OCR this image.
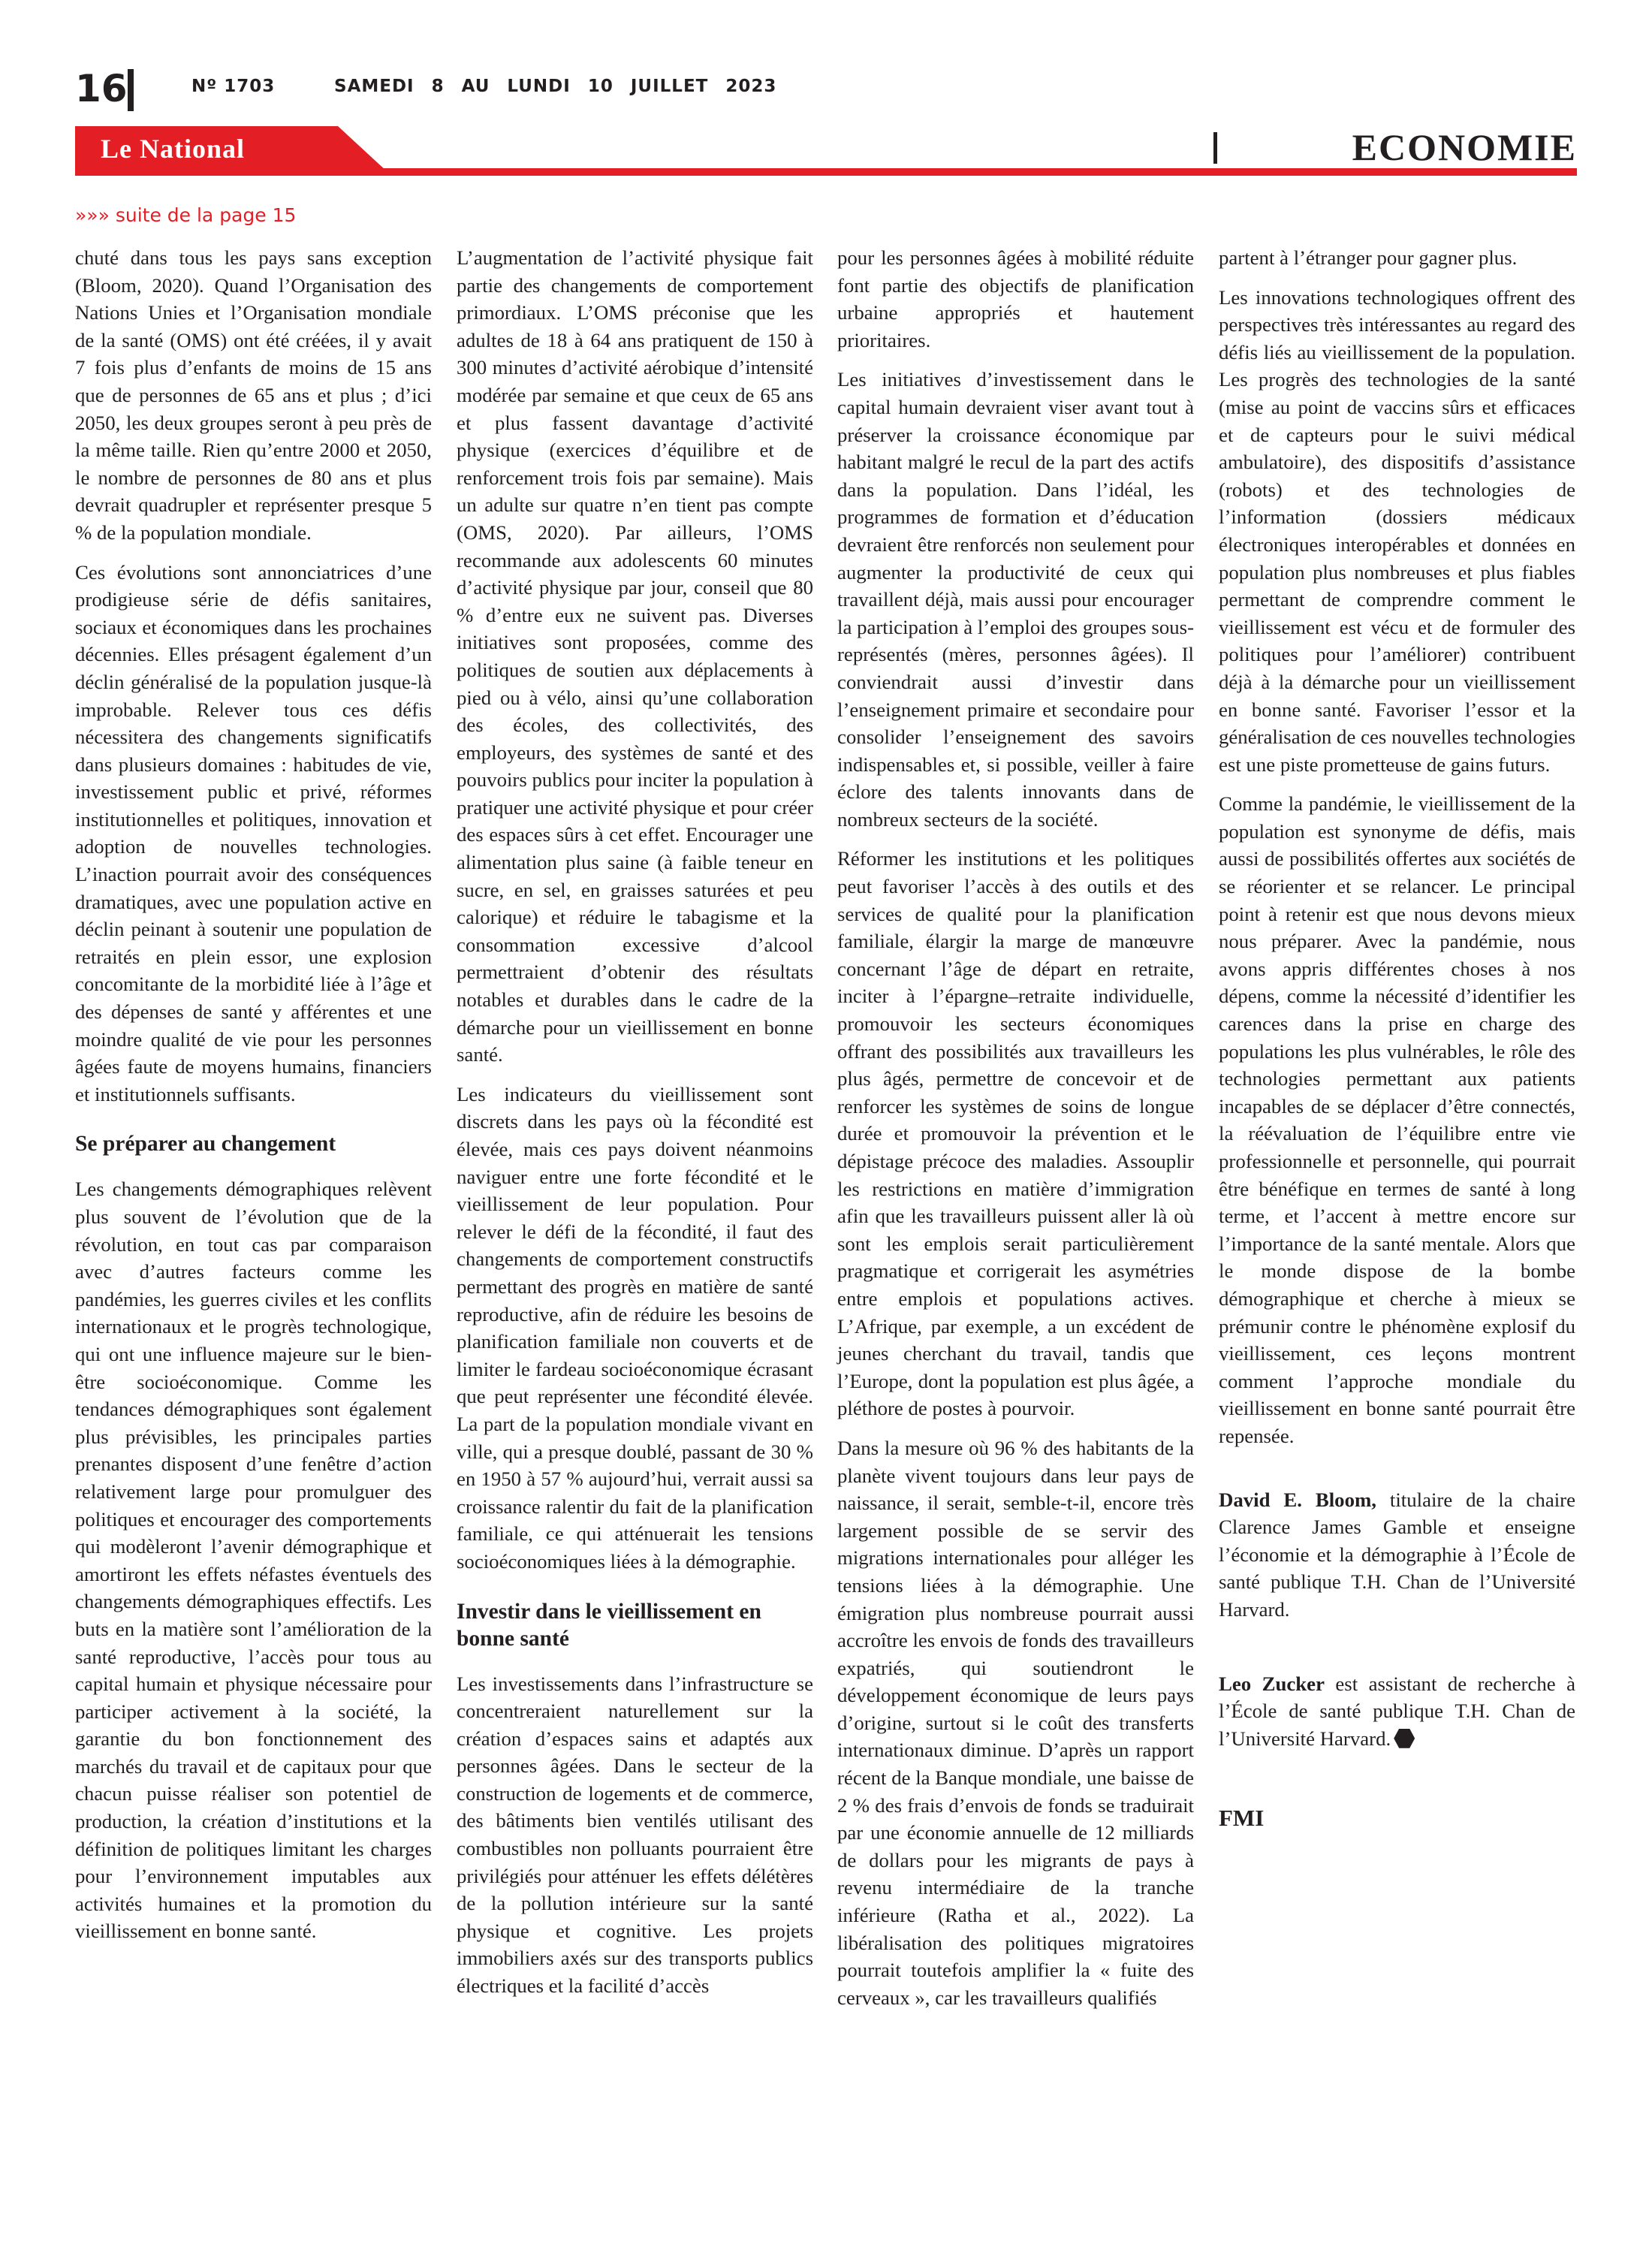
16	Nº 1703	SAMEDI 8 AU LUNDI 10 JUILLET 2023
Le National	ECONOMIE
»»» suite de la page 15

chuté dans tous les pays sans exception (Bloom, 2020). Quand l’Organisation des Nations Unies et l’Organisation mondiale de la santé (OMS) ont été créées, il y avait 7 fois plus d’enfants de moins de 15 ans que de personnes de 65 ans et plus ; d’ici 2050, les deux groupes seront à peu près de la même taille. Rien qu’entre 2000 et 2050, le nombre de personnes de 80 ans et plus devrait quadrupler et représenter presque 5 % de la population mondiale.

Ces évolutions sont annonciatrices d’une prodigieuse série de défis sanitaires, sociaux et économiques dans les prochaines décennies. Elles présagent également d’un déclin généralisé de la population jusque-là improbable. Relever tous ces défis nécessitera des changements significatifs dans plusieurs domaines : habitudes de vie, investissement public et privé, réformes institutionnelles et politiques, innovation et adoption de nouvelles technologies. L’inaction pourrait avoir des conséquences dramatiques, avec une population active en déclin peinant à soutenir une population de retraités en plein essor, une explosion concomitante de la morbidité liée à l’âge et des dépenses de santé y afférentes et une moindre qualité de vie pour les personnes âgées faute de moyens humains, financiers et institutionnels suffisants.

Se préparer au changement

Les changements démographiques relèvent plus souvent de l’évolution que de la révolution, en tout cas par comparaison avec d’autres facteurs comme les pandémies, les guerres civiles et les conflits internationaux et le progrès technologique, qui ont une influence majeure sur le bien-être socioéconomique. Comme les tendances démographiques sont également plus prévisibles, les principales parties prenantes disposent d’une fenêtre d’action relativement large pour promulguer des politiques et encourager des comportements qui modèleront l’avenir démographique et amortiront les effets néfastes éventuels des changements démographiques effectifs. Les buts en la matière sont l’amélioration de la santé reproductive, l’accès pour tous au capital humain et physique nécessaire pour participer activement à la société, la garantie du bon fonctionnement des marchés du travail et de capitaux pour que chacun puisse réaliser son potentiel de production, la création d’institutions et la définition de politiques limitant les charges pour l’environnement imputables aux activités humaines et la promotion du vieillissement en bonne santé.

L’augmentation de l’activité physique fait partie des changements de comportement primordiaux. L’OMS préconise que les adultes de 18 à 64 ans pratiquent de 150 à 300 minutes d’activité aérobique d’intensité modérée par semaine et que ceux de 65 ans et plus fassent davantage d’activité physique (exercices d’équilibre et de renforcement trois fois par semaine). Mais un adulte sur quatre n’en tient pas compte (OMS, 2020). Par ailleurs, l’OMS recommande aux adolescents 60 minutes d’activité physique par jour, conseil que 80 % d’entre eux ne suivent pas. Diverses initiatives sont proposées, comme des politiques de soutien aux déplacements à pied ou à vélo, ainsi qu’une collaboration des écoles, des collectivités, des employeurs, des systèmes de santé et des pouvoirs publics pour inciter la population à pratiquer une activité physique et pour créer des espaces sûrs à cet effet. Encourager une alimentation plus saine (à faible teneur en sucre, en sel, en graisses saturées et peu calorique) et réduire le tabagisme et la consommation excessive d’alcool permettraient d’obtenir des résultats notables et durables dans le cadre de la démarche pour un vieillissement en bonne santé.

Les indicateurs du vieillissement sont discrets dans les pays où la fécondité est élevée, mais ces pays doivent néanmoins naviguer entre une forte fécondité et le vieillissement de leur population. Pour relever le défi de la fécondité, il faut des changements de comportement constructifs permettant des progrès en matière de santé reproductive, afin de réduire les besoins de planification familiale non couverts et de limiter le fardeau socioéconomique écrasant que peut représenter une fécondité élevée. La part de la population mondiale vivant en ville, qui a presque doublé, passant de 30 % en 1950 à 57 % aujourd’hui, verrait aussi sa croissance ralentir du fait de la planification familiale, ce qui atténuerait les tensions socioéconomiques liées à la démographie.

Investir dans le vieillissement en bonne santé

Les investissements dans l’infrastructure se concentreraient naturellement sur la création d’espaces sains et adaptés aux personnes âgées. Dans le secteur de la construction de logements et de commerce, des bâtiments bien ventilés utilisant des combustibles non polluants pourraient être privilégiés pour atténuer les effets délétères de la pollution intérieure sur la santé physique et cognitive. Les projets immobiliers axés sur des transports publics électriques et la facilité d’accès

pour les personnes âgées à mobilité réduite font partie des objectifs de planification urbaine appropriés et hautement prioritaires.

Les initiatives d’investissement dans le capital humain devraient viser avant tout à préserver la croissance économique par habitant malgré le recul de la part des actifs dans la population. Dans l’idéal, les programmes de formation et d’éducation devraient être renforcés non seulement pour augmenter la productivité de ceux qui travaillent déjà, mais aussi pour encourager la participation à l’emploi des groupes sous-représentés (mères, personnes âgées). Il conviendrait aussi d’investir dans l’enseignement primaire et secondaire pour consolider l’enseignement des savoirs indispensables et, si possible, veiller à faire éclore des talents innovants dans de nombreux secteurs de la société.

Réformer les institutions et les politiques peut favoriser l’accès à des outils et des services de qualité pour la planification familiale, élargir la marge de manœuvre concernant l’âge de départ en retraite, inciter à l’épargne–retraite individuelle, promouvoir les secteurs économiques offrant des possibilités aux travailleurs les plus âgés, permettre de concevoir et de renforcer les systèmes de soins de longue durée et promouvoir la prévention et le dépistage précoce des maladies. Assouplir les restrictions en matière d’immigration afin que les travailleurs puissent aller là où sont les emplois serait particulièrement pragmatique et corrigerait les asymétries entre emplois et populations actives. L’Afrique, par exemple, a un excédent de jeunes cherchant du travail, tandis que l’Europe, dont la population est plus âgée, a pléthore de postes à pourvoir.

Dans la mesure où 96 % des habitants de la planète vivent toujours dans leur pays de naissance, il serait, semble-t-il, encore très largement possible de se servir des migrations internationales pour alléger les tensions liées à la démographie. Une émigration plus nombreuse pourrait aussi accroître les envois de fonds des travailleurs expatriés, qui soutiendront le développement économique de leurs pays d’origine, surtout si le coût des transferts internationaux diminue. D’après un rapport récent de la Banque mondiale, une baisse de 2 % des frais d’envois de fonds se traduirait par une économie annuelle de 12 milliards de dollars pour les migrants de pays à revenu intermédiaire de la tranche inférieure (Ratha et al., 2022). La libéralisation des politiques migratoires pourrait toutefois amplifier la « fuite des cerveaux », car les travailleurs qualifiés

partent à l’étranger pour gagner plus.

Les innovations technologiques offrent des perspectives très intéressantes au regard des défis liés au vieillissement de la population. Les progrès des technologies de la santé (mise au point de vaccins sûrs et efficaces et de capteurs pour le suivi médical ambulatoire), des dispositifs d’assistance (robots) et des technologies de l’information (dossiers médicaux électroniques interopérables et données en population plus nombreuses et plus fiables permettant de comprendre comment le vieillissement est vécu et de formuler des politiques pour l’améliorer) contribuent déjà à la démarche pour un vieillissement en bonne santé. Favoriser l’essor et la généralisation de ces nouvelles technologies est une piste prometteuse de gains futurs.

Comme la pandémie, le vieillissement de la population est synonyme de défis, mais aussi de possibilités offertes aux sociétés de se réorienter et se relancer. Le principal point à retenir est que nous devons mieux nous préparer. Avec la pandémie, nous avons appris différentes choses à nos dépens, comme la nécessité d’identifier les carences dans la prise en charge des populations les plus vulnérables, le rôle des technologies permettant aux patients incapables de se déplacer d’être connectés, la réévaluation de l’équilibre entre vie professionnelle et personnelle, qui pourrait être bénéfique en termes de santé à long terme, et l’accent à mettre encore sur l’importance de la santé mentale. Alors que le monde dispose de la bombe démographique et cherche à mieux se prémunir contre le phénomène explosif du vieillissement, ces leçons montrent comment l’approche mondiale du vieillissement en bonne santé pourrait être repensée.

David E. Bloom, titulaire de la chaire Clarence James Gamble et enseigne l’économie et la démographie à l’École de santé publique T.H. Chan de l’Université Harvard.

Leo Zucker est assistant de recherche à l’École de santé publique T.H. Chan de l’Université Harvard.

FMI
